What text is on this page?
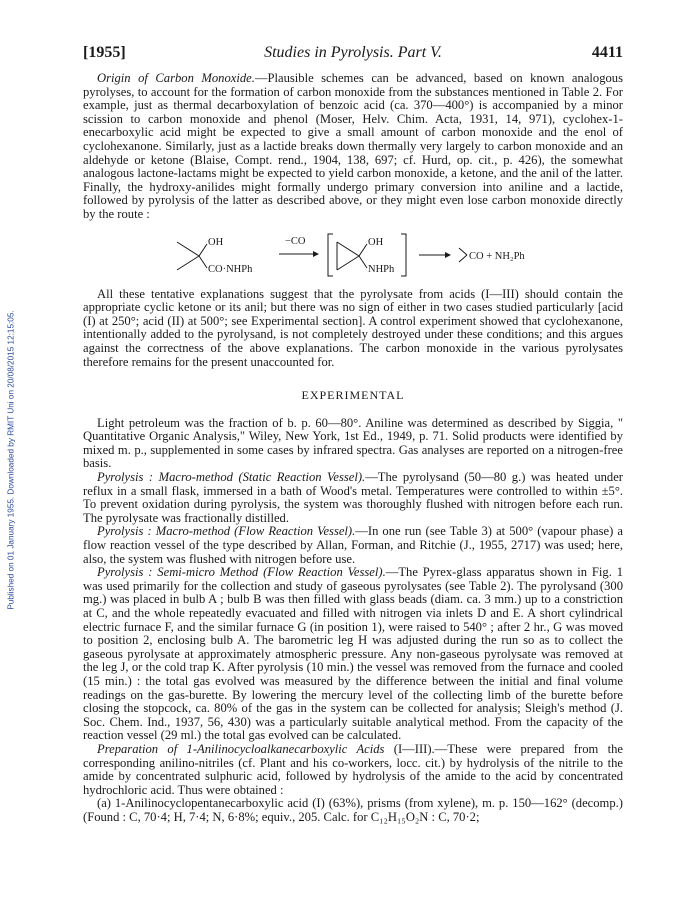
[1955]	Studies in Pyrolysis. Part V.	4411
Published on 01 January 1955. Downloaded by RMIT Uni on 20/08/2015 12:15:05.

Origin of Carbon Monoxide.—Plausible schemes can be advanced, based on known analogous pyrolyses, to account for the formation of carbon monoxide from the substances mentioned in Table 2. For example, just as thermal decarboxylation of benzoic acid (ca. 370—400°) is accompanied by a minor scission to carbon monoxide and phenol (Moser, Helv. Chim. Acta, 1931, 14, 971), cyclohex-1-enecarboxylic acid might be expected to give a small amount of carbon monoxide and the enol of cyclohexanone. Similarly, just as a lactide breaks down thermally very largely to carbon monoxide and an aldehyde or ketone (Blaise, Compt. rend., 1904, 138, 697; cf. Hurd, op. cit., p. 426), the somewhat analogous lactone-lactams might be expected to yield carbon monoxide, a ketone, and the anil of the latter. Finally, the hydroxy-anilides might formally undergo primary conversion into aniline and a lactide, followed by pyrolysis of the latter as described above, or they might even lose carbon monoxide directly by the route :

OH
CO·NHPh
−CO	OH
NHPh
CO + NH₂Ph

All these tentative explanations suggest that the pyrolysate from acids (I—III) should contain the appropriate cyclic ketone or its anil; but there was no sign of either in two cases studied particularly [acid (I) at 250°; acid (II) at 500°; see Experimental section]. A control experiment showed that cyclohexanone, intentionally added to the pyrolysand, is not completely destroyed under these conditions; and this argues against the correctness of the above explanations. The carbon monoxide in the various pyrolysates therefore remains for the present unaccounted for.

EXPERIMENTAL

Light petroleum was the fraction of b. p. 60—80°. Aniline was determined as described by Siggia, " Quantitative Organic Analysis," Wiley, New York, 1st Ed., 1949, p. 71. Solid products were identified by mixed m. p., supplemented in some cases by infrared spectra. Gas analyses are reported on a nitrogen-free basis.

Pyrolysis : Macro-method (Static Reaction Vessel).—The pyrolysand (50—80 g.) was heated under reflux in a small flask, immersed in a bath of Wood's metal. Temperatures were controlled to within ±5°. To prevent oxidation during pyrolysis, the system was thoroughly flushed with nitrogen before each run. The pyrolysate was fractionally distilled.

Pyrolysis : Macro-method (Flow Reaction Vessel).—In one run (see Table 3) at 500° (vapour phase) a flow reaction vessel of the type described by Allan, Forman, and Ritchie (J., 1955, 2717) was used; here, also, the system was flushed with nitrogen before use.

Pyrolysis : Semi-micro Method (Flow Reaction Vessel).—The Pyrex-glass apparatus shown in Fig. 1 was used primarily for the collection and study of gaseous pyrolysates (see Table 2). The pyrolysand (300 mg.) was placed in bulb A ; bulb B was then filled with glass beads (diam. ca. 3 mm.) up to a constriction at C, and the whole repeatedly evacuated and filled with nitrogen via inlets D and E. A short cylindrical electric furnace F, and the similar furnace G (in position 1), were raised to 540° ; after 2 hr., G was moved to position 2, enclosing bulb A. The barometric leg H was adjusted during the run so as to collect the gaseous pyrolysate at approximately atmospheric pressure. Any non-gaseous pyrolysate was removed at the leg J, or the cold trap K. After pyrolysis (10 min.) the vessel was removed from the furnace and cooled (15 min.) : the total gas evolved was measured by the difference between the initial and final volume readings on the gas-burette. By lowering the mercury level of the collecting limb of the burette before closing the stopcock, ca. 80% of the gas in the system can be collected for analysis; Sleigh's method (J. Soc. Chem. Ind., 1937, 56, 430) was a particularly suitable analytical method. From the capacity of the reaction vessel (29 ml.) the total gas evolved can be calculated.

Preparation of 1-Anilinocycloalkanecarboxylic Acids (I—III).—These were prepared from the corresponding anilino-nitriles (cf. Plant and his co-workers, locc. cit.) by hydrolysis of the nitrile to the amide by concentrated sulphuric acid, followed by hydrolysis of the amide to the acid by concentrated hydrochloric acid. Thus were obtained :

(a) 1-Anilinocyclopentanecarboxylic acid (I) (63%), prisms (from xylene), m. p. 150—162° (decomp.) (Found : C, 70·4; H, 7·4; N, 6·8%; equiv., 205. Calc. for C₁₂H₁₅O₂N : C, 70·2;
